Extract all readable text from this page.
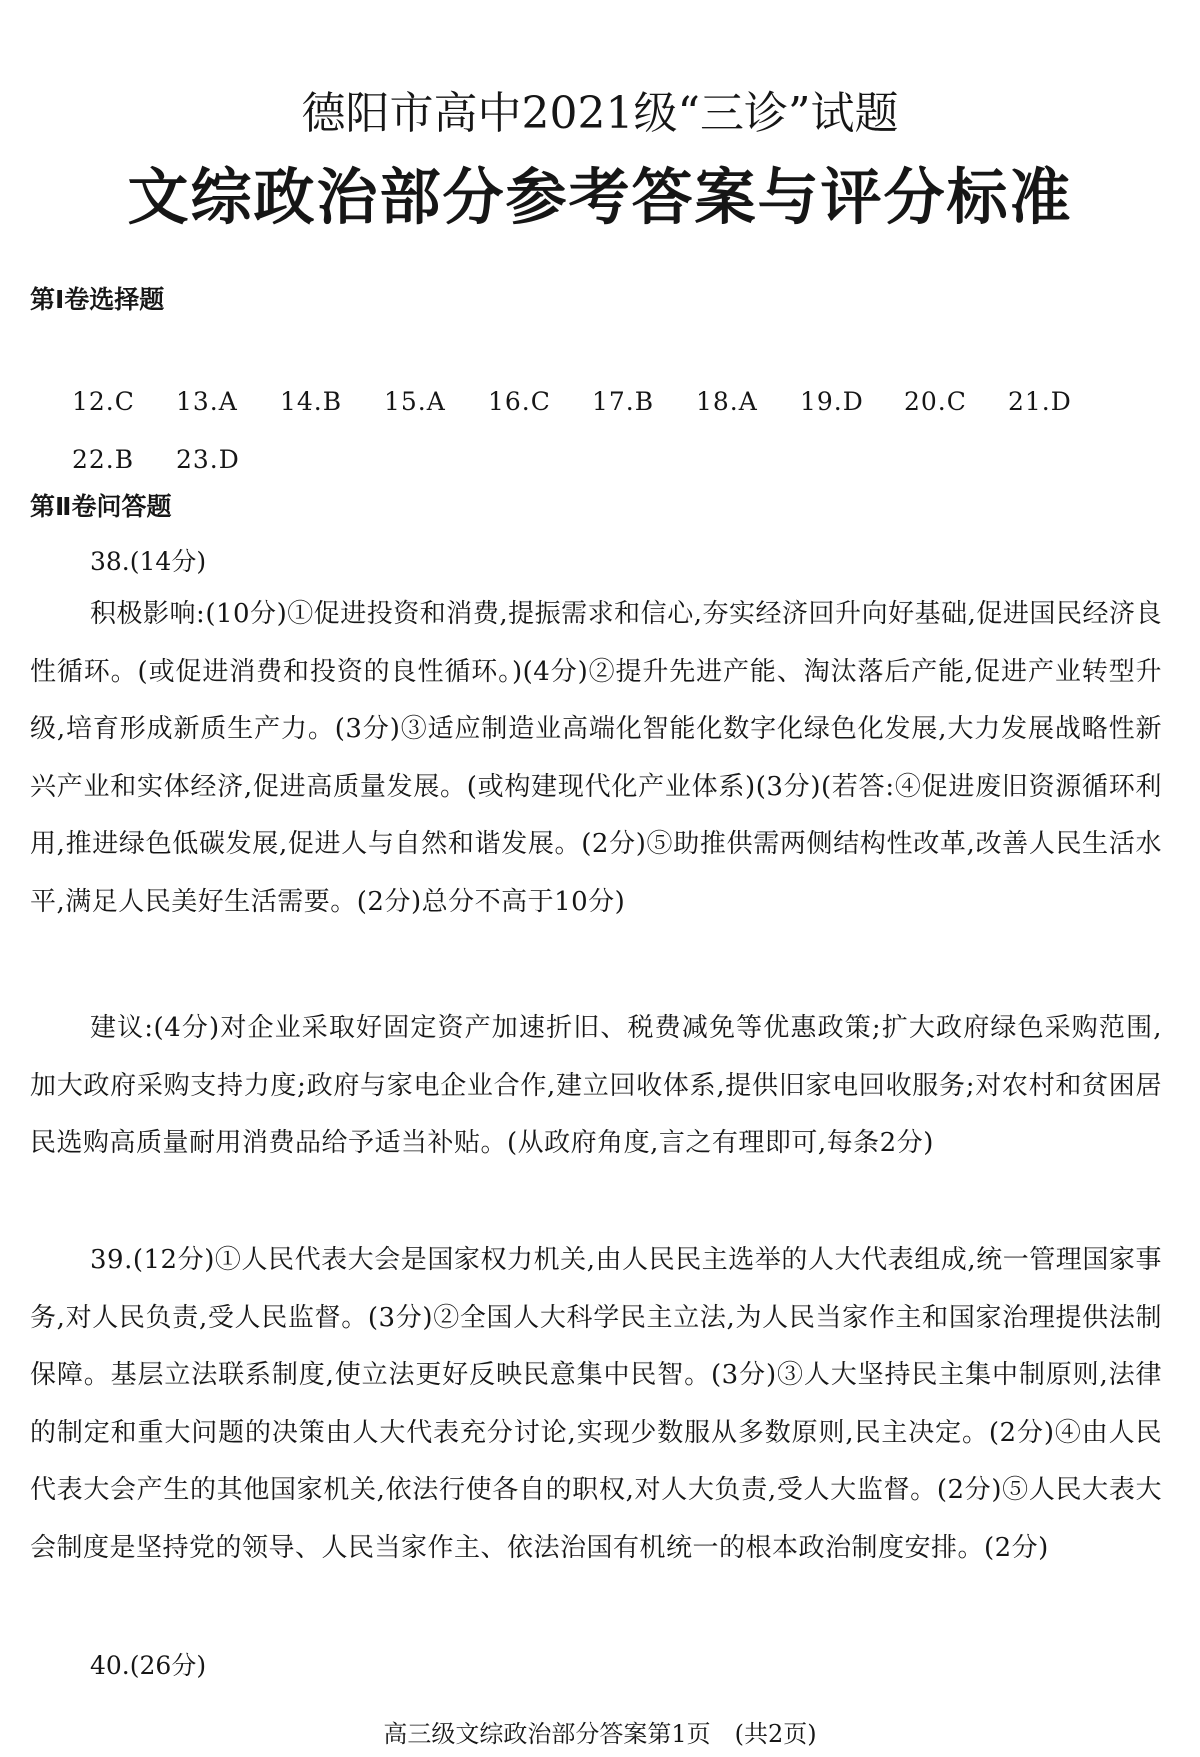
德阳市高中2021级“三诊”试题
文综政治部分参考答案与评分标准
第Ⅰ卷选择题
12.C	13.A	14.B	15.A	16.C	17.B	18.A	19.D	20.C	21.D
22.B	23.D
第Ⅱ卷问答题
38.(14分)
积极影响:(10分)①促进投资和消费,提振需求和信心,夯实经济回升向好基础,促进国民经济良性循环。(或促进消费和投资的良性循环。)(4分)②提升先进产能、淘汰落后产能,促进产业转型升级,培育形成新质生产力。(3分)③适应制造业高端化智能化数字化绿色化发展,大力发展战略性新兴产业和实体经济,促进高质量发展。(或构建现代化产业体系)(3分)(若答:④促进废旧资源循环利用,推进绿色低碳发展,促进人与自然和谐发展。(2分)⑤助推供需两侧结构性改革,改善人民生活水平,满足人民美好生活需要。(2分)总分不高于10分)
建议:(4分)对企业采取好固定资产加速折旧、税费减免等优惠政策;扩大政府绿色采购范围,加大政府采购支持力度;政府与家电企业合作,建立回收体系,提供旧家电回收服务;对农村和贫困居民选购高质量耐用消费品给予适当补贴。(从政府角度,言之有理即可,每条2分)
39.(12分)①人民代表大会是国家权力机关,由人民民主选举的人大代表组成,统一管理国家事务,对人民负责,受人民监督。(3分)②全国人大科学民主立法,为人民当家作主和国家治理提供法制保障。基层立法联系制度,使立法更好反映民意集中民智。(3分)③人大坚持民主集中制原则,法律的制定和重大问题的决策由人大代表充分讨论,实现少数服从多数原则,民主决定。(2分)④由人民代表大会产生的其他国家机关,依法行使各自的职权,对人大负责,受人大监督。(2分)⑤人民大表大会制度是坚持党的领导、人民当家作主、依法治国有机统一的根本政治制度安排。(2分)
40.(26分)
高三级文综政治部分答案第1页　(共2页)
